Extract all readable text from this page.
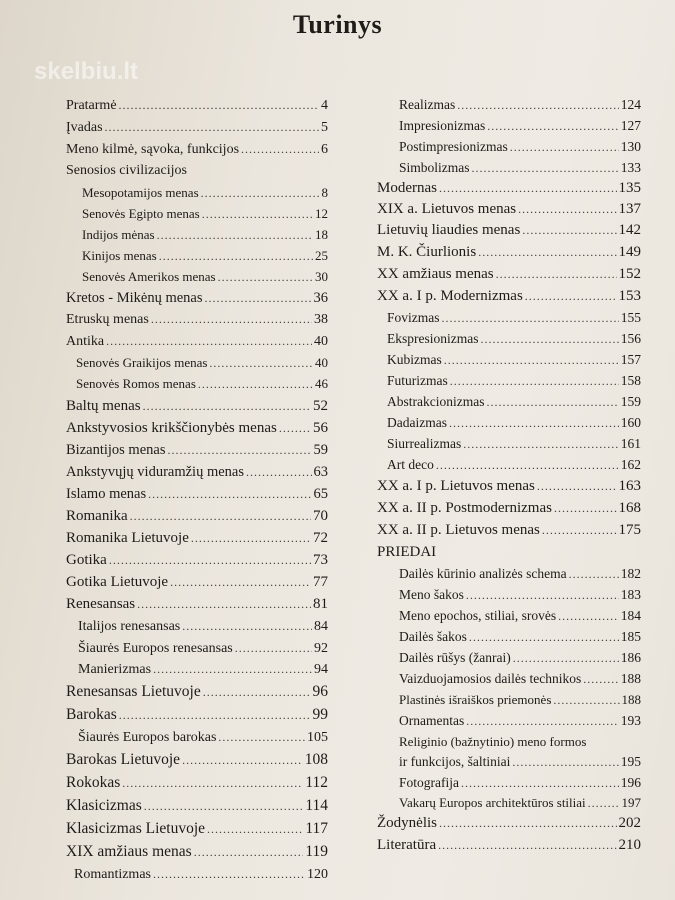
skelbiu.lt
Turinys
Pratarmė .....	4
Įvadas .....	5
Meno kilmė, sąvoka, funkcijos .....	6
Senosios civilizacijos
Mesopotamijos menas .....	8
Senovės Egipto menas .....	12
Indijos mėnas .....	18
Kinijos menas .....	25
Senovės Amerikos menas .....	30
Kretos - Mikėnų menas .....	36
Etruskų menas .....	38
Antika .....	40
Senovės Graikijos menas .....	40
Senovės Romos menas .....	46
Baltų menas .....	52
Ankstyvosios krikščionybės menas ..... 56
Bizantijos menas .....	59
Ankstyvųjų viduramžių menas .....	63
Islamo menas .....	65
Romanika .....	70
Romanika Lietuvoje .....	72
Gotika .....	73
Gotika Lietuvoje .....	77
Renesansas .....	81
Italijos renesansas .....	84
Šiaurės Europos renesansas .....	92
Manierizmas .....	94
Renesansas Lietuvoje .....	96
Barokas .....	99
Šiaurės Europos barokas .....	105
Barokas Lietuvoje .....	108
Rokokas .....	112
Klasicizmas .....	114
Klasicizmas Lietuvoje .....	117
XIX amžiaus menas .....	119
Romantizmas .....	120
Realizmas .....	124
Impresionizmas .....	127
Postimpresionizmas .....	130
Simbolizmas .....	133
Modernas .....	135
XIX a. Lietuvos menas .....	137
Lietuvių liaudies menas .....	142
M. K. Čiurlionis .....	149
XX amžiaus menas .....	152
XX a. I p. Modernizmas .....	153
Fovizmas .....	155
Ekspresionizmas .....	156
Kubizmas .....	157
Futurizmas .....	158
Abstrakcionizmas .....	159
Dadaizmas .....	160
Siurrealizmas .....	161
Art deco .....	162
XX a. I p. Lietuvos menas .....	163
XX a. II p. Postmodernizmas .....	168
XX a. II p. Lietuvos menas .....	175
PRIEDAI
Dailės kūrinio analizės schema .....	182
Meno šakos .....	183
Meno epochos, stiliai, srovės .....	184
Dailės šakos .....	185
Dailės rūšys (žanrai) .....	186
Vaizduojamosios dailės technikos .....	188
Plastinės išraiškos priemonės .....	188
Ornamentas .....	193
Religinio (bažnytinio) meno formos
ir funkcijos, šaltiniai .....	195
Fotografija .....	196
Vakarų Europos architektūros stiliai .....	197
Žodynėlis .....	202
Literatūra .....	210
